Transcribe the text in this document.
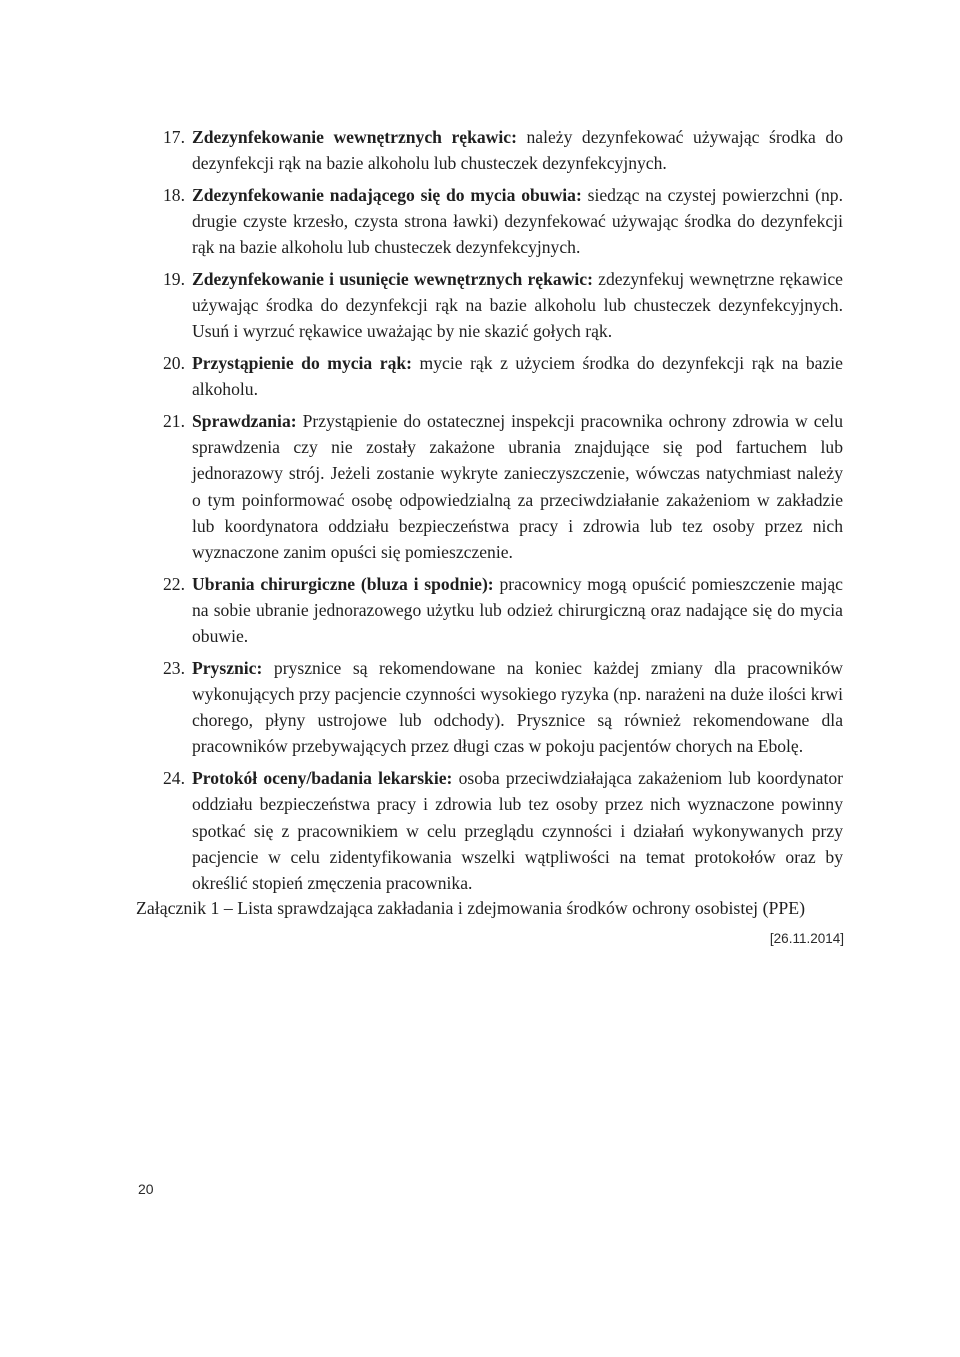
17. Zdezynfekowanie wewnętrznych rękawic: należy dezynfekować używając środka do dezynfekcji rąk na bazie alkoholu lub chusteczek dezynfekcyjnych.
18. Zdezynfekowanie nadającego się do mycia obuwia: siedząc na czystej powierzchni (np. drugie czyste krzesło, czysta strona ławki) dezynfekować używając środka do dezynfekcji rąk na bazie alkoholu lub chusteczek dezynfekcyjnych.
19. Zdezynfekowanie i usunięcie wewnętrznych rękawic: zdezynfekuj wewnętrzne rękawice używając środka do dezynfekcji rąk na bazie alkoholu lub chusteczek dezynfekcyjnych. Usuń i wyrzuć rękawice uważając by nie skazić gołych rąk.
20. Przystąpienie do mycia rąk: mycie rąk z użyciem środka do dezynfekcji rąk na bazie alkoholu.
21. Sprawdzania: Przystąpienie do ostatecznej inspekcji pracownika ochrony zdrowia w celu sprawdzenia czy nie zostały zakażone ubrania znajdujące się pod fartuchem lub jednorazowy strój. Jeżeli zostanie wykryte zanieczyszczenie, wówczas natychmiast należy o tym poinformować osobę odpowiedzialną za przeciwdziałanie zakażeniom w zakładzie lub koordynatora oddziału bezpieczeństwa pracy i zdrowia lub tez osoby przez nich wyznaczone zanim opuści się pomieszczenie.
22. Ubrania chirurgiczne (bluza i spodnie): pracownicy mogą opuścić pomieszczenie mając na sobie ubranie jednorazowego użytku lub odzież chirurgiczną oraz nadające się do mycia obuwie.
23. Prysznic: prysznice są rekomendowane na koniec każdej zmiany dla pracowników wykonujących przy pacjencie czynności wysokiego ryzyka (np. narażeni na duże ilości krwi chorego, płyny ustrojowe lub odchody). Prysznice są również rekomendowane dla pracowników przebywających przez długi czas w pokoju pacjentów chorych na Ebolę.
24. Protokół oceny/badania lekarskie: osoba przeciwdziałająca zakażeniom lub koordynator oddziału bezpieczeństwa pracy i zdrowia lub tez osoby przez nich wyznaczone powinny spotkać się z pracownikiem w celu przeglądu czynności i działań wykonywanych przy pacjencie w celu zidentyfikowania wszelki wątpliwości na temat protokołów oraz by określić stopień zmęczenia pracownika.
Załącznik 1 – Lista sprawdzająca zakładania i zdejmowania środków ochrony osobistej (PPE)
[26.11.2014]
20
